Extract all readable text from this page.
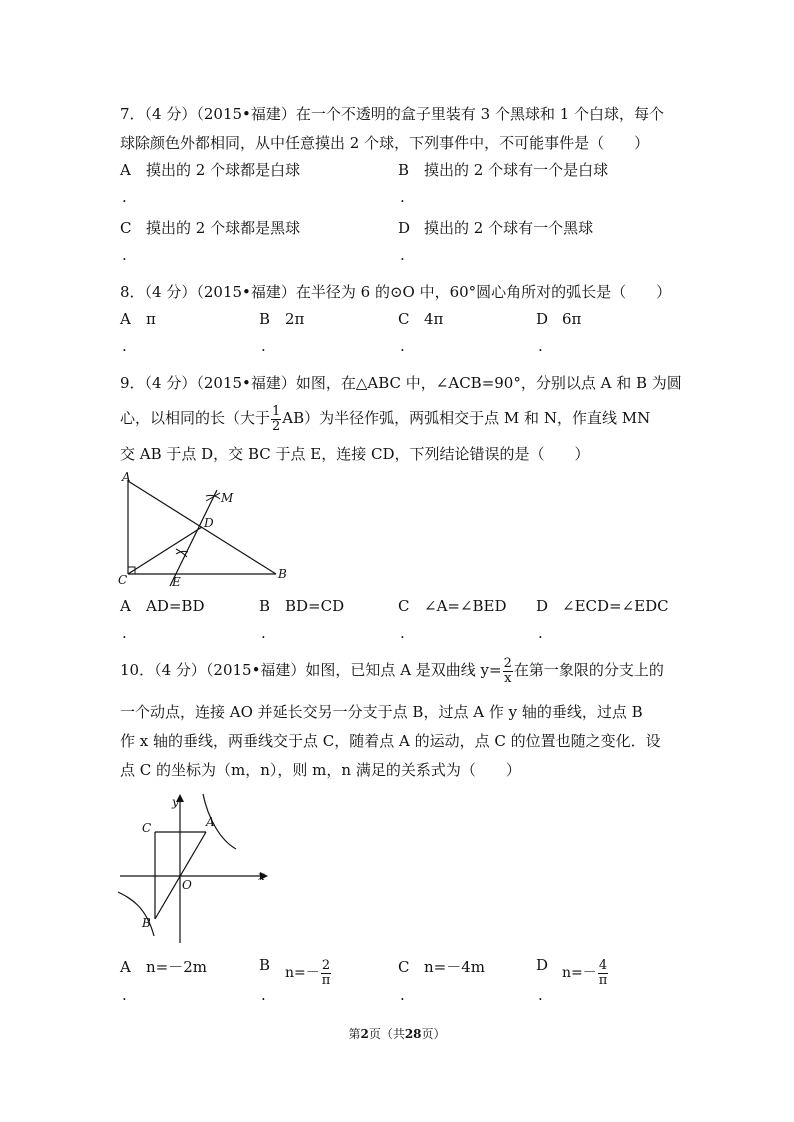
7．（4 分）（2015•福建）在一个不透明的盒子里装有 3 个黑球和 1 个白球，每个
球除颜色外都相同，从中任意摸出 2 个球，下列事件中，不可能事件是（　　）
A 摸出的 2 个球都是白球
.
B 摸出的 2 个球有一个是白球
.
C 摸出的 2 个球都是黑球
.
D 摸出的 2 个球有一个黑球
.
8．（4 分）（2015•福建）在半径为 6 的⊙O 中，60°圆心角所对的弧长是（　　）
A π
.
B 2π
.
C 4π
.
D 6π
.
9．（4 分）（2015•福建）如图，在△ABC 中，∠ACB=90°，分别以点 A 和 B 为圆
心，以相同的长（大于 $\frac{1}{2} AB$）为半径作弧，两弧相交于点 M 和 N，作直线 MN
交 AB 于点 D，交 BC 于点 E，连接 CD，下列结论错误的是（　　）
A
C	B
D
E
M
A AD=BD
.
B BD=CD
.
C ∠A=∠BED
.
D ∠ECD=∠EDC
.
10．（4 分）（2015•福建）如图，已知点 A 是双曲线 $y= \frac{2}{x}$ 在第一象限的分支上的
一个动点，连接 AO 并延长交另一分支于点 B，过点 A 作 y 轴的垂线，过点 B
作 x 轴的垂线，两垂线交于点 C，随着点 A 的运动，点 C 的位置也随之变化．设
点 C 的坐标为（m，n），则 m，n 满足的关系式为（　　）
y
x
C	A
O
B
A n=－2m
.
B $n=- \frac{2}{\pi}$
.
C n=－4m
.
D $n=- \frac{4}{\pi}$
.
第2页（共28页）
